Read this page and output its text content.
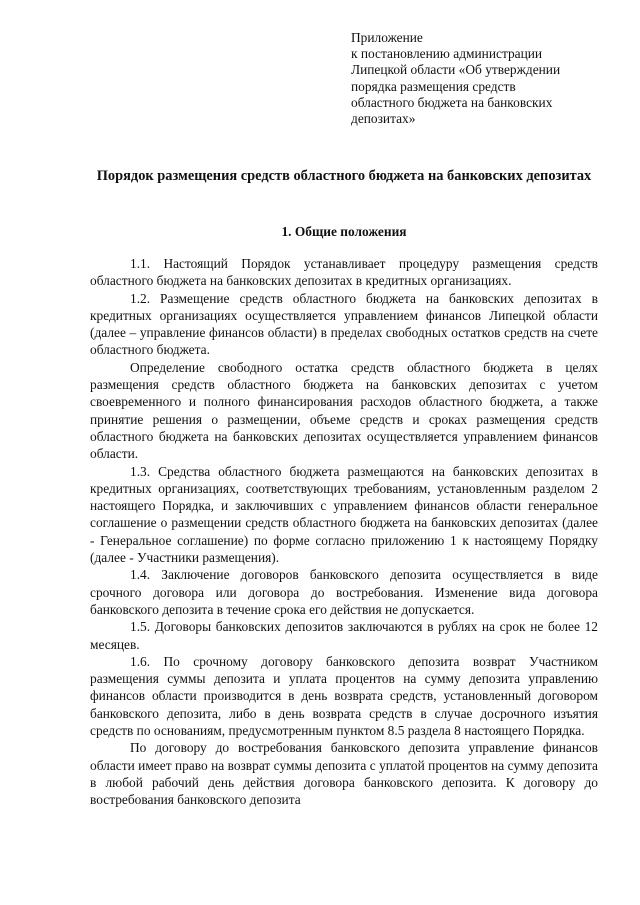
Приложение
к постановлению администрации
Липецкой области «Об утверждении
порядка размещения средств
областного бюджета на банковских
депозитах»
Порядок размещения средств областного бюджета на банковских депозитах
1. Общие положения

1.1. Настоящий Порядок устанавливает процедуру размещения средств областного бюджета на банковских депозитах в кредитных организациях.

1.2. Размещение средств областного бюджета на банковских депозитах в кредитных организациях осуществляется управлением финансов Липецкой области (далее – управление финансов области) в пределах свободных остатков средств на счете областного бюджета.

Определение свободного остатка средств областного бюджета в целях размещения средств областного бюджета на банковских депозитах с учетом своевременного и полного финансирования расходов областного бюджета, а также принятие решения о размещении, объеме средств и сроках размещения средств областного бюджета на банковских депозитах осуществляется управлением финансов области.

1.3. Средства областного бюджета размещаются на банковских депозитах в кредитных организациях, соответствующих требованиям, установленным разделом 2 настоящего Порядка, и заключивших с управлением финансов области генеральное соглашение о размещении средств областного бюджета на банковских депозитах (далее - Генеральное соглашение) по форме согласно приложению 1 к настоящему Порядку (далее - Участники размещения).

1.4. Заключение договоров банковского депозита осуществляется в виде срочного договора или договора до востребования. Изменение вида договора банковского депозита в течение срока его действия не допускается.

1.5. Договоры банковских депозитов заключаются в рублях на срок не более 12 месяцев.

1.6. По срочному договору банковского депозита возврат Участником размещения суммы депозита и уплата процентов на сумму депозита управлению финансов области производится в день возврата средств, установленный договором банковского депозита, либо в день возврата средств в случае досрочного изъятия средств по основаниям, предусмотренным пунктом 8.5 раздела 8 настоящего Порядка.

По договору до востребования банковского депозита управление финансов области имеет право на возврат суммы депозита с уплатой процентов на сумму депозита в любой рабочий день действия договора банковского депозита. К договору до востребования банковского депозита
